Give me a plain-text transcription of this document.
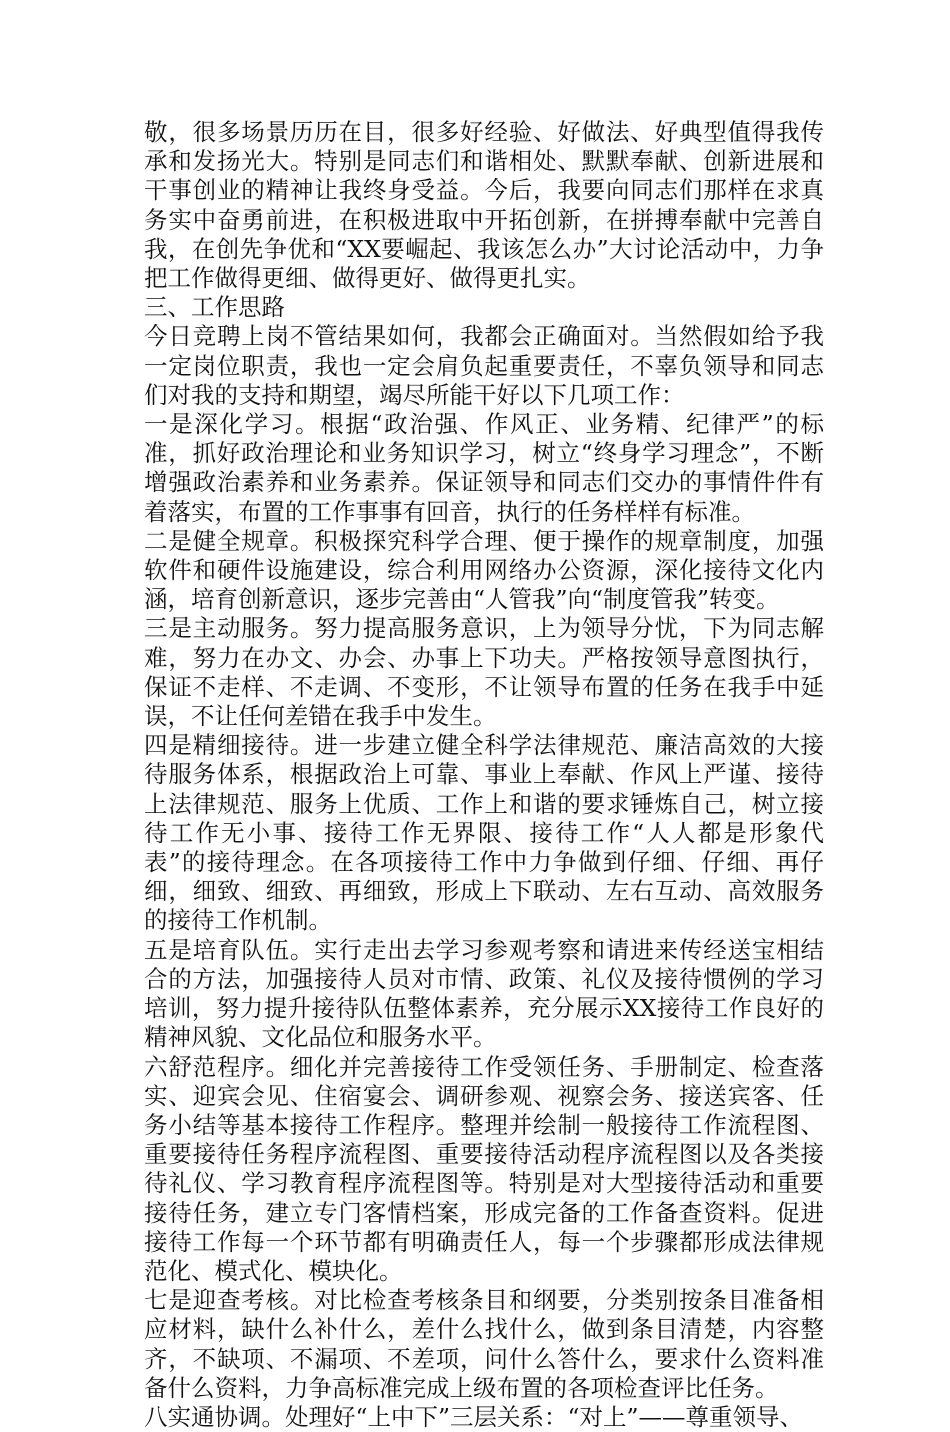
敬，很多场景历历在目，很多好经验、好做法、好典型值得我传承和发扬光大。特别是同志们和谐相处、默默奉献、创新进展和干事创业的精神让我终身受益。今后，我要向同志们那样在求真务实中奋勇前进，在积极进取中开拓创新，在拼搏奉献中完善自我，在创先争优和“XX要崛起、我该怎么办”大讨论活动中，力争把工作做得更细、做得更好、做得更扎实。

三、工作思路

今日竞聘上岗不管结果如何，我都会正确面对。当然假如给予我一定岗位职责，我也一定会肩负起重要责任，不辜负领导和同志们对我的支持和期望，竭尽所能干好以下几项工作：

一是深化学习。根据“政治强、作风正、业务精、纪律严”的标准，抓好政治理论和业务知识学习，树立“终身学习理念”，不断增强政治素养和业务素养。保证领导和同志们交办的事情件件有着落实，布置的工作事事有回音，执行的任务样样有标准。

二是健全规章。积极探究科学合理、便于操作的规章制度，加强软件和硬件设施建设，综合利用网络办公资源，深化接待文化内涵，培育创新意识，逐步完善由“人管我”向“制度管我”转变。

三是主动服务。努力提高服务意识，上为领导分忧，下为同志解难，努力在办文、办会、办事上下功夫。严格按领导意图执行，保证不走样、不走调、不变形，不让领导布置的任务在我手中延误，不让任何差错在我手中发生。

四是精细接待。进一步建立健全科学法律规范、廉洁高效的大接待服务体系，根据政治上可靠、事业上奉献、作风上严谨、接待上法律规范、服务上优质、工作上和谐的要求锤炼自己，树立接待工作无小事、接待工作无界限、接待工作“人人都是形象代表”的接待理念。在各项接待工作中力争做到仔细、仔细、再仔细，细致、细致、再细致，形成上下联动、左右互动、高效服务的接待工作机制。

五是培育队伍。实行走出去学习参观考察和请进来传经送宝相结合的方法，加强接待人员对市情、政策、礼仪及接待惯例的学习培训，努力提升接待队伍整体素养，充分展示XX接待工作良好的精神风貌、文化品位和服务水平。

六舒范程序。细化并完善接待工作受领任务、手册制定、检查落实、迎宾会见、住宿宴会、调研参观、视察会务、接送宾客、任务小结等基本接待工作程序。整理并绘制一般接待工作流程图、重要接待任务程序流程图、重要接待活动程序流程图以及各类接待礼仪、学习教育程序流程图等。特别是对大型接待活动和重要接待任务，建立专门客情档案，形成完备的工作备查资料。促进接待工作每一个环节都有明确责任人，每一个步骤都形成法律规范化、模式化、模块化。

七是迎查考核。对比检查考核条目和纲要，分类别按条目准备相应材料，缺什么补什么，差什么找什么，做到条目清楚，内容整齐，不缺项、不漏项、不差项，问什么答什么，要求什么资料准备什么资料，力争高标准完成上级布置的各项检查评比任务。

八实通协调。处理好“上中下”三层关系：“对上”——尊重领导、
